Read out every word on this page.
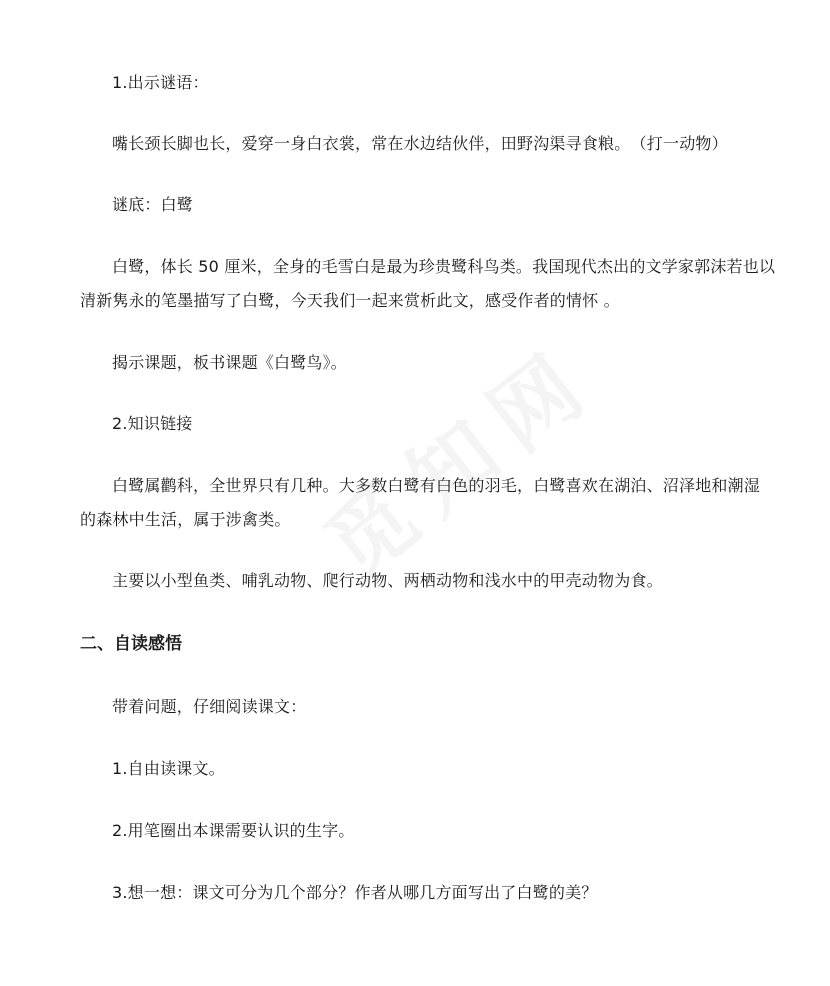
1.出示谜语：
嘴长颈长脚也长，爱穿一身白衣裳，常在水边结伙伴，田野沟渠寻食粮。　（打一动物）
谜底：白鹭
白鹭，体长 50 厘米，全身的毛雪白是最为珍贵鹭科鸟类。我国现代杰出的文学家郭沫若也以
清新隽永的笔墨描写了白鹭，今天我们一起来赏析此文，感受作者的情怀 。
揭示课题，板书课题《白鹭鸟》。
2.知识链接
白鹭属鹳科，全世界只有几种。大多数白鹭有白色的羽毛，白鹭喜欢在湖泊、沼泽地和潮湿
的森林中生活，属于涉禽类。
主要以小型鱼类、哺乳动物、爬行动物、两栖动物和浅水中的甲壳动物为食。
二、自读感悟
带着问题，仔细阅读课文：
1.自由读课文。
2.用笔圈出本课需要认识的生字。
3.想一想：课文可分为几个部分？作者从哪几方面写出了白鹭的美？
